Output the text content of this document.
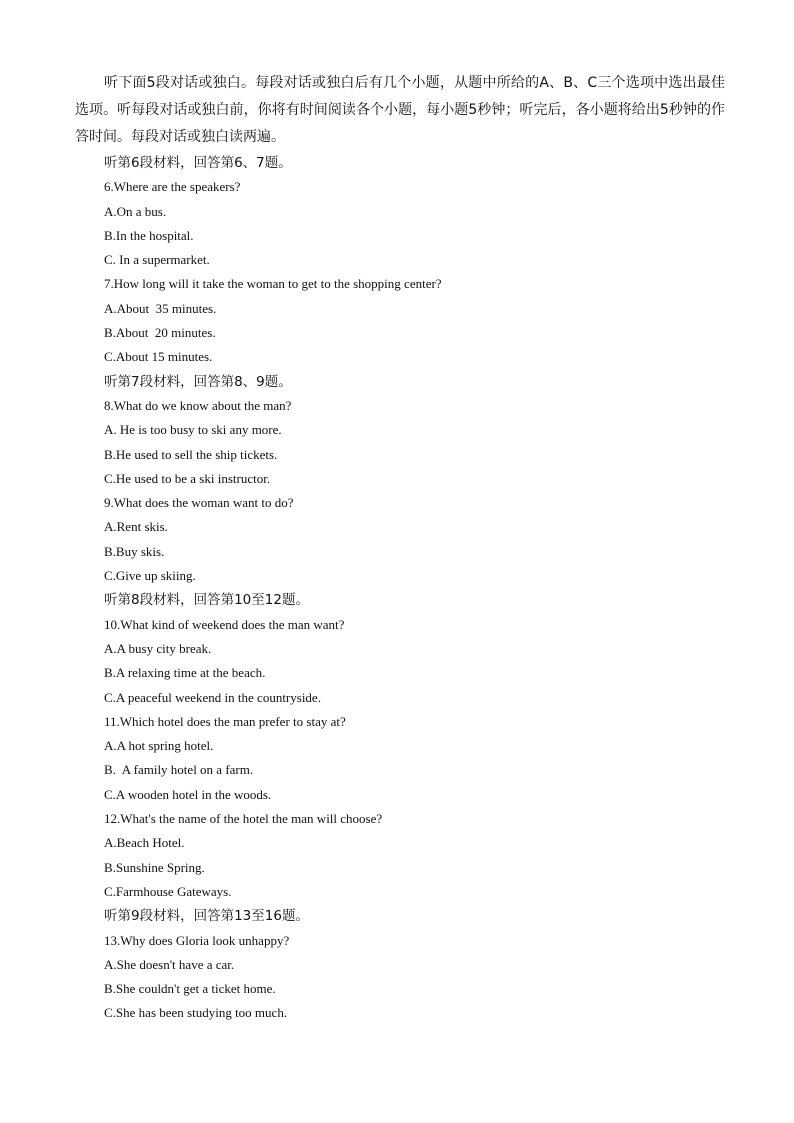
听下面5段对话或独白。每段对话或独白后有几个小题，从题中所给的A、B、C三个选项中选出最佳选项。听每段对话或独白前，你将有时间阅读各个小题，每小题5秒钟；听完后，各小题将给出5秒钟的作答时间。每段对话或独白读两遍。

听第6段材料，回答第6、7题。

6.Where are the speakers?

A.On a bus.

B.In the hospital.

C. In a supermarket.

7.How long will it take the woman to get to the shopping center?

A.About  35 minutes.

B.About  20 minutes.

C.About 15 minutes.

听第7段材料，回答第8、9题。

8.What do we know about the man?

A. He is too busy to ski any more.

B.He used to sell the ship tickets.

C.He used to be a ski instructor.

9.What does the woman want to do?

A.Rent skis.

B.Buy skis.

C.Give up skiing.

听第8段材料，回答第10至12题。

10.What kind of weekend does the man want?

A.A busy city break.

B.A relaxing time at the beach.

C.A peaceful weekend in the countryside.

11.Which hotel does the man prefer to stay at?

A.A hot spring hotel.

B.  A family hotel on a farm.

C.A wooden hotel in the woods.

12.What's the name of the hotel the man will choose?

A.Beach Hotel.

B.Sunshine Spring.

C.Farmhouse Gateways.

听第9段材料，回答第13至16题。

13.Why does Gloria look unhappy?

A.She doesn't have a car.

B.She couldn't get a ticket home.

C.She has been studying too much.
